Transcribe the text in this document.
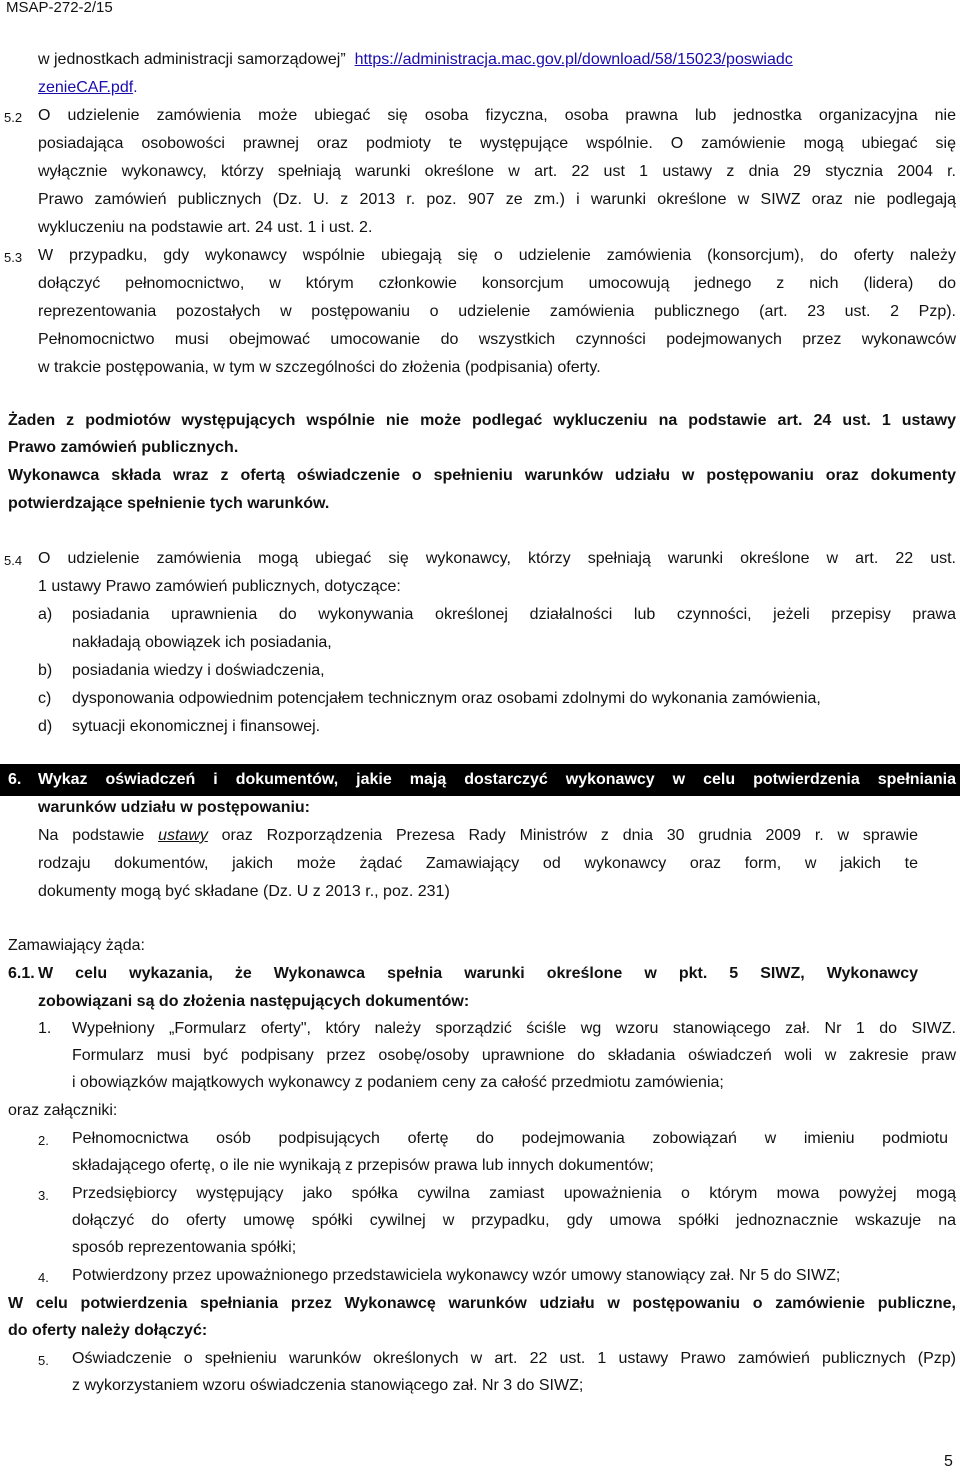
MSAP-272-2/15
w jednostkach administracji samorządowej” https://administracja.mac.gov.pl/download/58/15023/poswiadc
zenieCAF.pdf.
5.2 O udzielenie zamówienia może ubiegać się osoba fizyczna, osoba prawna lub jednostka organizacyjna nie
posiadająca osobowości prawnej oraz podmioty te występujące wspólnie. O zamówienie mogą ubiegać się
wyłącznie wykonawcy, którzy spełniają warunki określone w art. 22 ust 1 ustawy z dnia 29 stycznia 2004 r.
Prawo zamówień publicznych (Dz. U. z 2013 r. poz. 907 ze zm.) i warunki określone w SIWZ oraz nie podlegają
wykluczeniu na podstawie art. 24 ust. 1 i ust. 2.
5.3 W przypadku, gdy wykonawcy wspólnie ubiegają się o udzielenie zamówienia (konsorcjum), do oferty należy
dołączyć pełnomocnictwo, w którym członkowie konsorcjum umocowują jednego z nich (lidera) do
reprezentowania pozostałych w postępowaniu o udzielenie zamówienia publicznego (art. 23 ust. 2 Pzp).
Pełnomocnictwo musi obejmować umocowanie do wszystkich czynności podejmowanych przez wykonawców
w trakcie postępowania, w tym w szczególności do złożenia (podpisania) oferty.
Żaden z podmiotów występujących wspólnie nie może podlegać wykluczeniu na podstawie art. 24 ust. 1 ustawy
Prawo zamówień publicznych.
Wykonawca składa wraz z ofertą oświadczenie o spełnieniu warunków udziału w postępowaniu oraz dokumenty
potwierdzające spełnienie tych warunków.
5.4 O udzielenie zamówienia mogą ubiegać się wykonawcy, którzy spełniają warunki określone w art. 22 ust.
1 ustawy Prawo zamówień publicznych, dotyczące:
a) posiadania uprawnienia do wykonywania określonej działalności lub czynności, jeżeli przepisy prawa
nakładają obowiązek ich posiadania,
b) posiadania wiedzy i doświadczenia,
c) dysponowania odpowiednim potencjałem technicznym oraz osobami zdolnymi do wykonania zamówienia,
d) sytuacji ekonomicznej i finansowej.
6. Wykaz oświadczeń i dokumentów, jakie mają dostarczyć wykonawcy w celu potwierdzenia spełniania
warunków udziału w postępowaniu:
Na podstawie ustawy oraz Rozporządzenia Prezesa Rady Ministrów z dnia 30 grudnia 2009 r. w sprawie
rodzaju dokumentów, jakich może żądać Zamawiający od wykonawcy oraz form, w jakich te
dokumenty mogą być składane (Dz. U z 2013 r., poz. 231)
Zamawiający żąda:
6.1. W celu wykazania, że Wykonawca spełnia warunki określone w pkt. 5 SIWZ, Wykonawcy
zobowiązani są do złożenia następujących dokumentów:
1. Wypełniony „Formularz oferty", który należy sporządzić ściśle wg wzoru stanowiącego zał. Nr 1 do SIWZ.
Formularz musi być podpisany przez osobę/osoby uprawnione do składania oświadczeń woli w zakresie praw
i obowiązków majątkowych wykonawcy z podaniem ceny za całość przedmiotu zamówienia;
oraz załączniki:
2. Pełnomocnictwa osób podpisujących ofertę do podejmowania zobowiązań w imieniu podmiotu
składającego ofertę, o ile nie wynikają z przepisów prawa lub innych dokumentów;
3. Przedsiębiorcy występujący jako spółka cywilna zamiast upoważnienia o którym mowa powyżej mogą
dołączyć do oferty umowę spółki cywilnej w przypadku, gdy umowa spółki jednoznacznie wskazuje na
sposób reprezentowania spółki;
4. Potwierdzony przez upoważnionego przedstawiciela wykonawcy wzór umowy stanowiący zał. Nr 5 do SIWZ;
W celu potwierdzenia spełniania przez Wykonawcę warunków udziału w postępowaniu o zamówienie publiczne,
do oferty należy dołączyć:
5. Oświadczenie o spełnieniu warunków określonych w art. 22 ust. 1 ustawy Prawo zamówień publicznych (Pzp)
z wykorzystaniem wzoru oświadczenia stanowiącego zał. Nr 3 do SIWZ;
5
